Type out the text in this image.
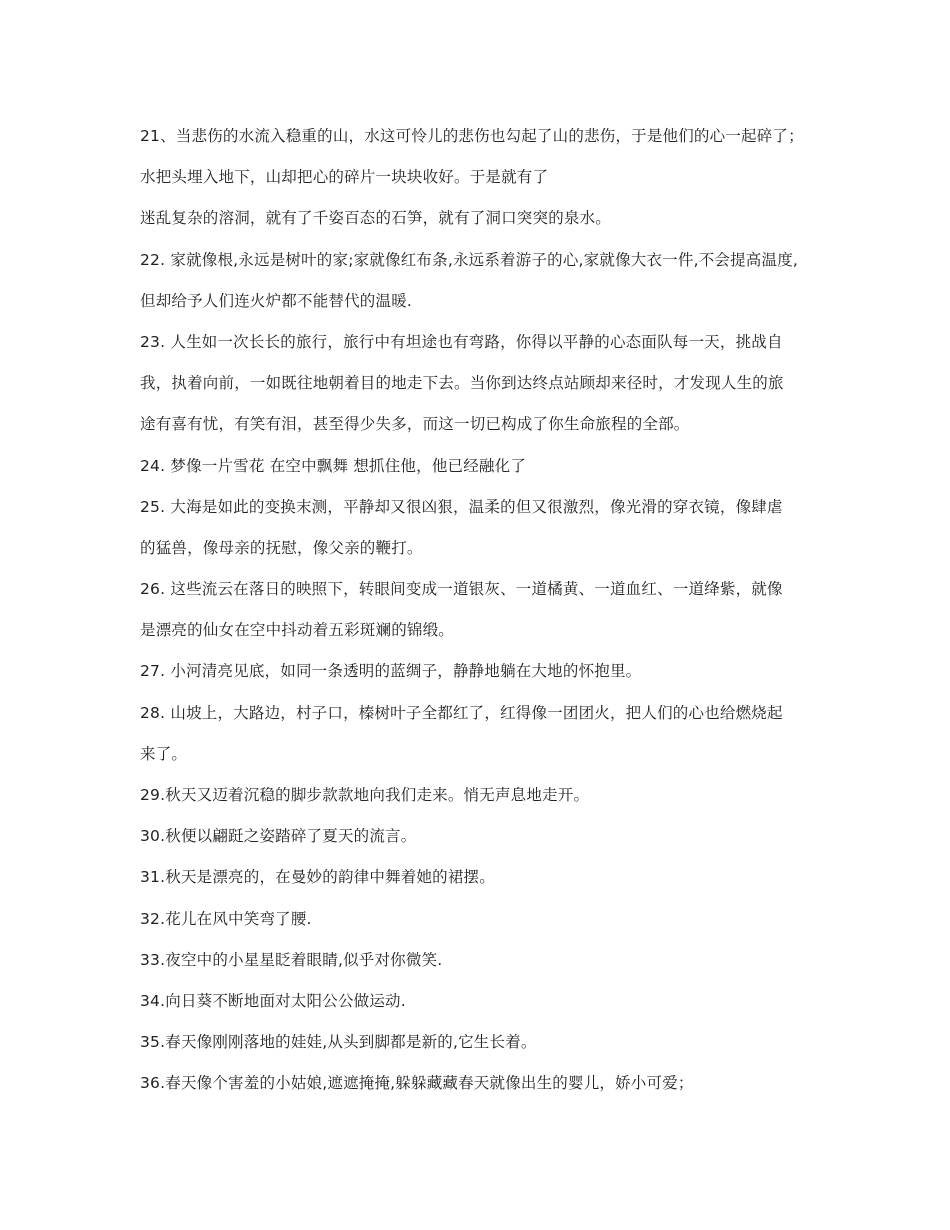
21、当悲伤的水流入稳重的山，水这可怜儿的悲伤也勾起了山的悲伤，于是他们的心一起碎了；
水把头埋入地下，山却把心的碎片一块块收好。于是就有了
迷乱复杂的溶洞，就有了千姿百态的石笋，就有了洞口突突的泉水。
22. 家就像根,永远是树叶的家;家就像红布条,永远系着游子的心,家就像大衣一件,不会提高温度,
但却给予人们连火炉都不能替代的温暖.
23. 人生如一次长长的旅行，旅行中有坦途也有弯路，你得以平静的心态面队每一天，挑战自
我，执着向前，一如既往地朝着目的地走下去。当你到达终点站顾却来径时，才发现人生的旅
途有喜有忧，有笑有泪，甚至得少失多，而这一切已构成了你生命旅程的全部。
24. 梦像一片雪花 在空中飘舞 想抓住他，他已经融化了
25. 大海是如此的变换末测，平静却又很凶狠，温柔的但又很激烈，像光滑的穿衣镜，像肆虐
的猛兽，像母亲的抚慰，像父亲的鞭打。
26. 这些流云在落日的映照下，转眼间变成一道银灰、一道橘黄、一道血红、一道绛紫，就像
是漂亮的仙女在空中抖动着五彩斑斓的锦缎。
27. 小河清亮见底，如同一条透明的蓝绸子，静静地躺在大地的怀抱里。
28. 山坡上，大路边，村子口，榛树叶子全都红了，红得像一团团火，把人们的心也给燃烧起
来了。
29.秋天又迈着沉稳的脚步款款地向我们走来。悄无声息地走开。
30.秋便以翩跹之姿踏碎了夏天的流言。
31.秋天是漂亮的，在曼妙的韵律中舞着她的裙摆。
32.花儿在风中笑弯了腰.
33.夜空中的小星星眨着眼睛,似乎对你微笑.
34.向日葵不断地面对太阳公公做运动.
35.春天像刚刚落地的娃娃,从头到脚都是新的,它生长着。
36.春天像个害羞的小姑娘,遮遮掩掩,躲躲藏藏春天就像出生的婴儿，娇小可爱；
